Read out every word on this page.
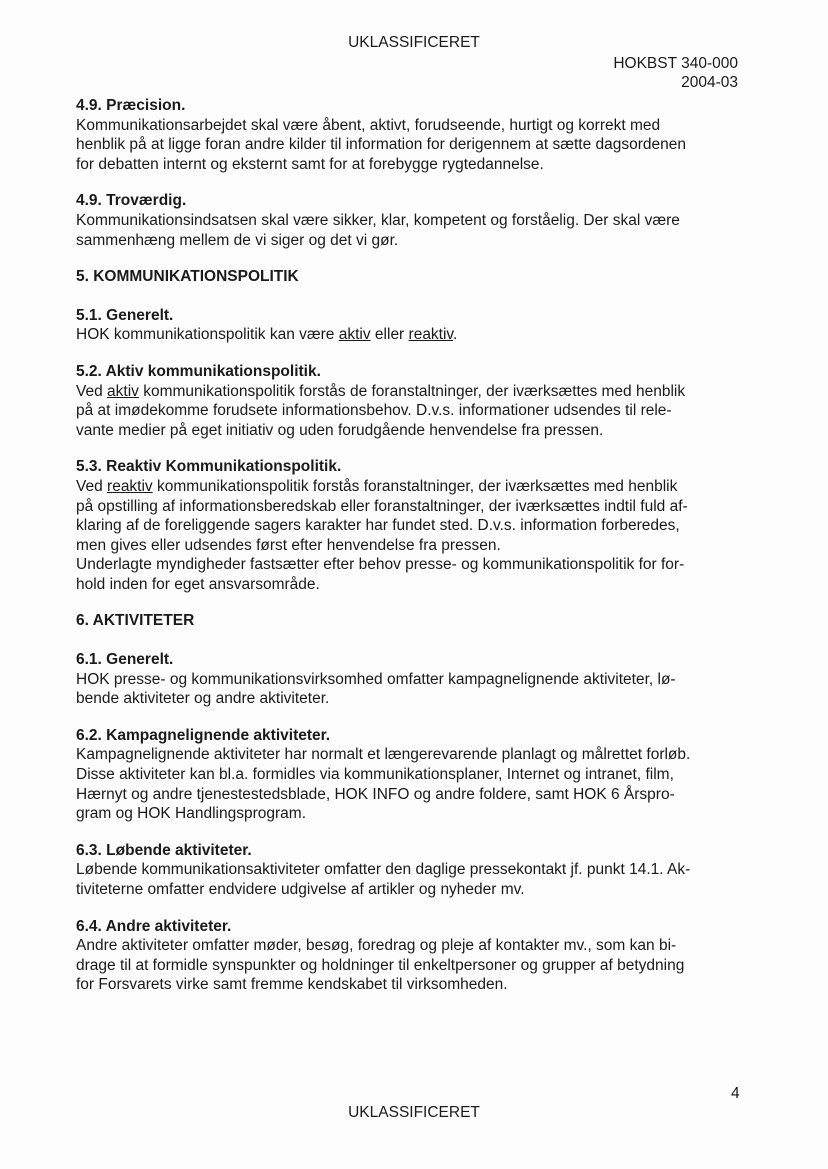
UKLASSIFICERET
HOKBST 340-000
2004-03
4.9. Præcision.

Kommunikationsarbejdet skal være åbent, aktivt, forudseende, hurtigt og korrekt med
henblik på at ligge foran andre kilder til information for derigennem at sætte dagsordenen
for debatten internt og eksternt samt for at forebygge rygtedannelse.

4.9. Troværdig.

Kommunikationsindsatsen skal være sikker, klar, kompetent og forståelig. Der skal være
sammenhæng mellem de vi siger og det vi gør.

5. KOMMUNIKATIONSPOLITIK
5.1. Generelt.

HOK kommunikationspolitik kan være aktiv eller reaktiv.

5.2. Aktiv kommunikationspolitik.

Ved aktiv kommunikationspolitik forstås de foranstaltninger, der iværksættes med henblik
på at imødekomme forudsete informationsbehov. D.v.s. informationer udsendes til rele-
vante medier på eget initiativ og uden forudgående henvendelse fra pressen.

5.3. Reaktiv Kommunikationspolitik.

Ved reaktiv kommunikationspolitik forstås foranstaltninger, der iværksættes med henblik
på opstilling af informationsberedskab eller foranstaltninger, der iværksættes indtil fuld af-
klaring af de foreliggende sagers karakter har fundet sted. D.v.s. information forberedes,
men gives eller udsendes først efter henvendelse fra pressen.
Underlagte myndigheder fastsætter efter behov presse- og kommunikationspolitik for for-
hold inden for eget ansvarsområde.

6. AKTIVITETER
6.1. Generelt.

HOK presse- og kommunikationsvirksomhed omfatter kampagnelignende aktiviteter, lø-
bende aktiviteter og andre aktiviteter.

6.2. Kampagnelignende aktiviteter.

Kampagnelignende aktiviteter har normalt et længerevarende planlagt og målrettet forløb.
Disse aktiviteter kan bl.a. formidles via kommunikationsplaner, Internet og intranet, film,
Hærnyt og andre tjenestestedsblade, HOK INFO og andre foldere, samt HOK 6 Årspro-
gram og HOK Handlingsprogram.

6.3. Løbende aktiviteter.

Løbende kommunikationsaktiviteter omfatter den daglige pressekontakt jf. punkt 14.1. Ak-
tiviteterne omfatter endvidere udgivelse af artikler og nyheder mv.

6.4. Andre aktiviteter.

Andre aktiviteter omfatter møder, besøg, foredrag og pleje af kontakter mv., som kan bi-
drage til at formidle synspunkter og holdninger til enkeltpersoner og grupper af betydning
for Forsvarets virke samt fremme kendskabet til virksomheden.

4
UKLASSIFICERET
